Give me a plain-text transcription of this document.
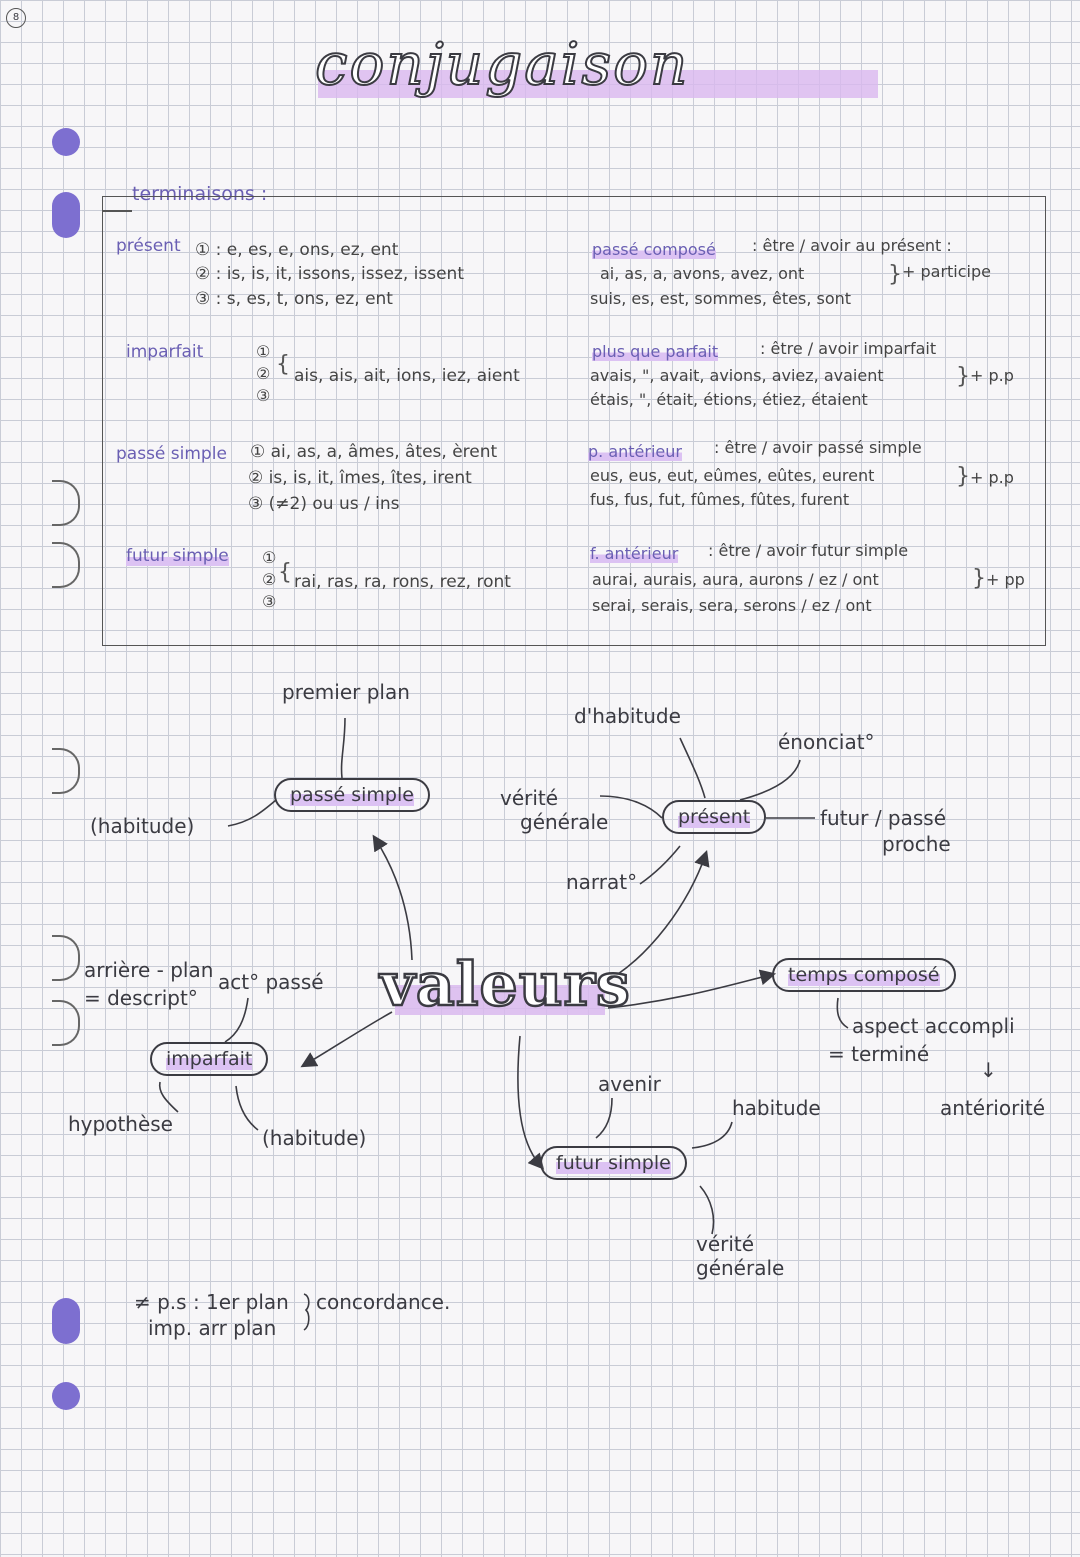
8
conjugaison
terminaisons :
présent ① : e, es, e, ons, ez, ent
② : is, is, it, issons, issez, issent
③ : s, es, t, ons, ez, ent
imparfait	①
②
③
{ ais, ais, ait, ions, iez, aient
passé simple ① ai, as, a, âmes, âtes, èrent
② is, is, it, îmes, îtes, irent
③ (≠2) ou us / ins
futur simple ①
②
③
{ rai, ras, ra, rons, rez, ront
passé composé : être / avoir au présent :
ai, as, a, avons, avez, ont
suis, es, est, sommes, êtes, sont
} + participe
plus que parfait	: être / avoir imparfait
avais, ", avait, avions, aviez, avaient
étais, ", était, étions, étiez, étaient
} + p.p
p. antérieur : être / avoir passé simple
eus, eus, eut, eûmes, eûtes, eurent
fus, fus, fut, fûmes, fûtes, furent
} + p.p
f. antérieur : être / avoir futur simple
aurai, aurais, aura, aurons / ez / ont
serai, serais, sera, serons / ez / ont
} + pp
valeurs
premier plan
passé simple
(habitude)
d'habitude
énonciat°
vérité
générale	présent	futur / passé
proche
narrat°
arrière - plan
= descript°
act° passé
imparfait
hypothèse
(habitude)
temps composé
aspect accompli
= terminé
↓
antériorité
avenir
habitude
futur simple
vérité
générale
≠ p.s : 1er plan
imp. arr plan
concordance.
